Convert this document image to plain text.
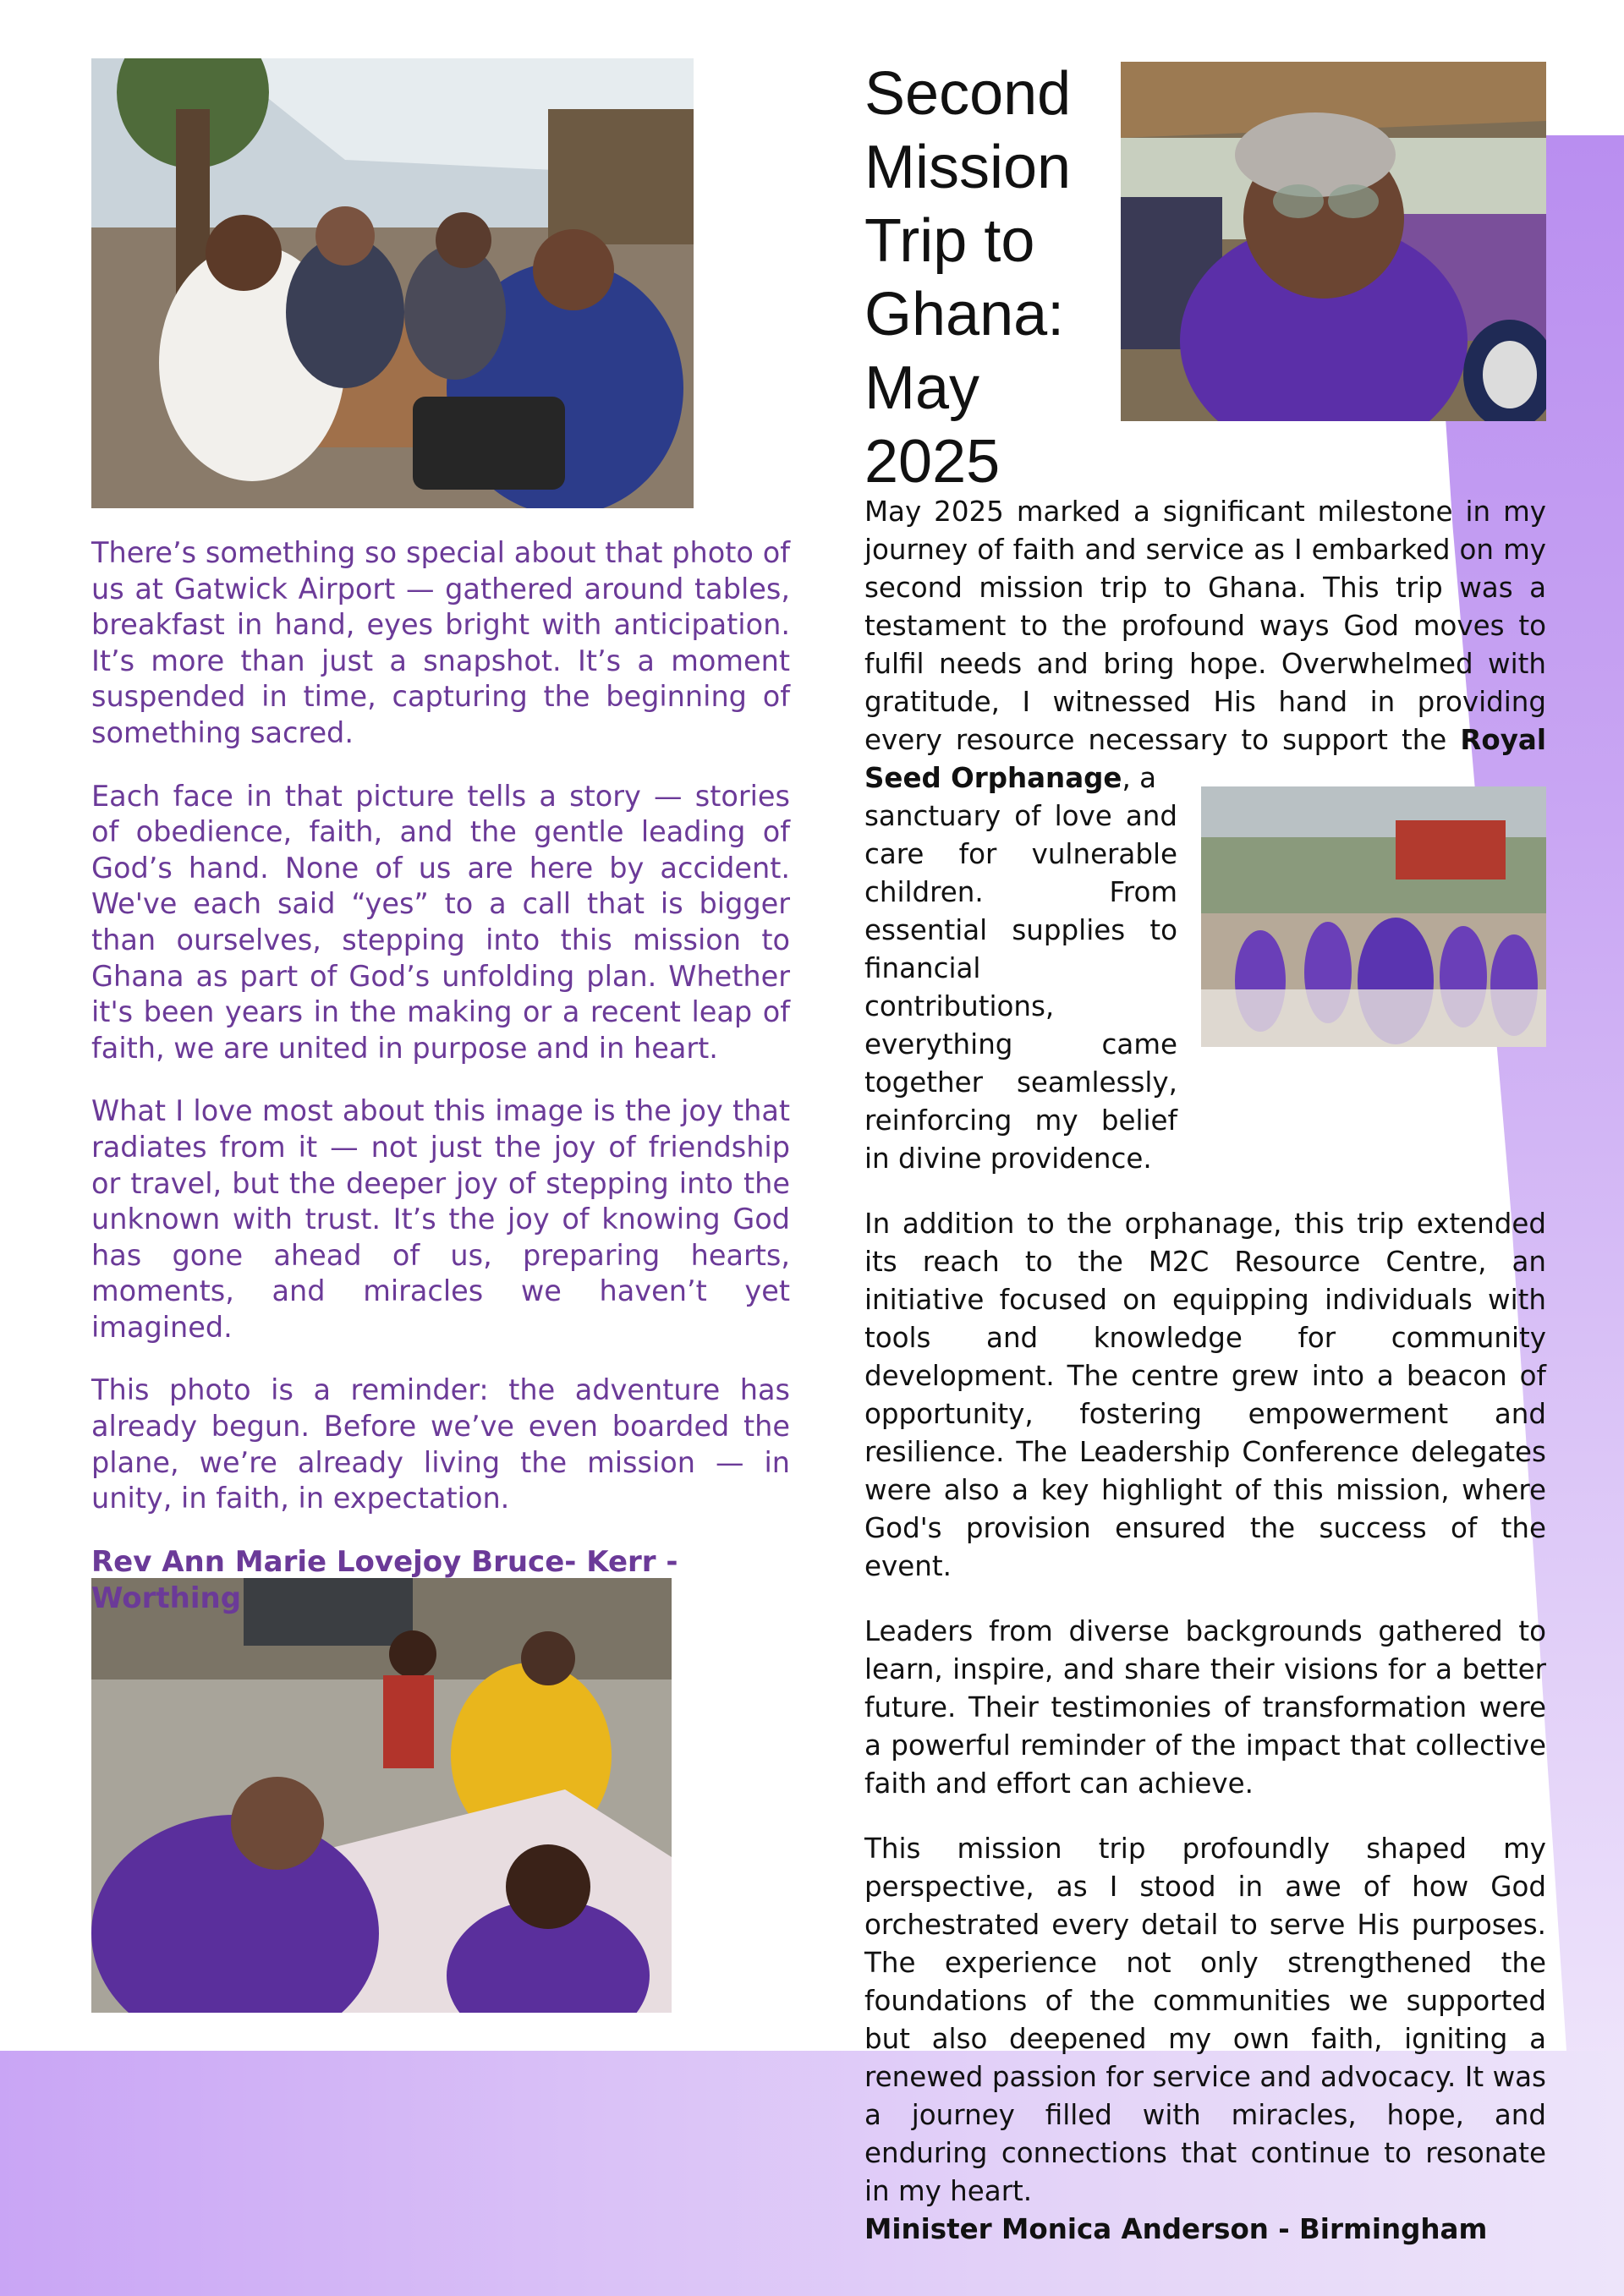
There’s something so special about that photo of us at Gatwick Airport — gathered around tables, breakfast in hand, eyes bright with anticipation. It’s more than just a snapshot. It’s a moment suspended in time, capturing the beginning of something sacred.

Each face in that picture tells a story — stories of obedience, faith, and the gentle leading of God’s hand. None of us are here by accident. We've each said “yes” to a call that is bigger than ourselves, stepping into this mission to Ghana as part of God’s unfolding plan. Whether it's been years in the making or a recent leap of faith, we are united in purpose and in heart.

What I love most about this image is the joy that radiates from it — not just the joy of friendship or travel, but the deeper joy of stepping into the unknown with trust. It’s the joy of knowing God has gone ahead of us, preparing hearts, moments, and miracles we haven’t yet imagined.

This photo is a reminder: the adventure has already begun. Before we’ve even boarded the plane, we’re already living the mission — in unity, in faith, in expectation.

Rev Ann Marie Lovejoy Bruce- Kerr - Worthing

Second Mission Trip to Ghana: May 2025

May 2025 marked a significant milestone in my journey of faith and service as I embarked on my second mission trip to Ghana. This trip was a testament to the profound ways God moves to fulfil needs and bring hope. Overwhelmed with gratitude, I witnessed His hand in providing every resource necessary to support the Royal Seed Orphanage, a

sanctuary of love and care for vulnerable children. From essential supplies to financial contributions, everything came together seamlessly, reinforcing my belief in divine providence.

In addition to the orphanage, this trip extended its reach to the M2C Resource Centre, an initiative focused on equipping individuals with tools and knowledge for community development. The centre grew into a beacon of opportunity, fostering empowerment and resilience. The Leadership Conference delegates were also a key highlight of this mission, where God's provision ensured the success of the event.

Leaders from diverse backgrounds gathered to learn, inspire, and share their visions for a better future. Their testimonies of transformation were a powerful reminder of the impact that collective faith and effort can achieve.

This mission trip profoundly shaped my perspective, as I stood in awe of how God orchestrated every detail to serve His purposes. The experience not only strengthened the foundations of the communities we supported but also deepened my own faith, igniting a renewed passion for service and advocacy. It was a journey filled with miracles, hope, and enduring connections that continue to resonate in my heart.

Minister Monica Anderson - Birmingham
